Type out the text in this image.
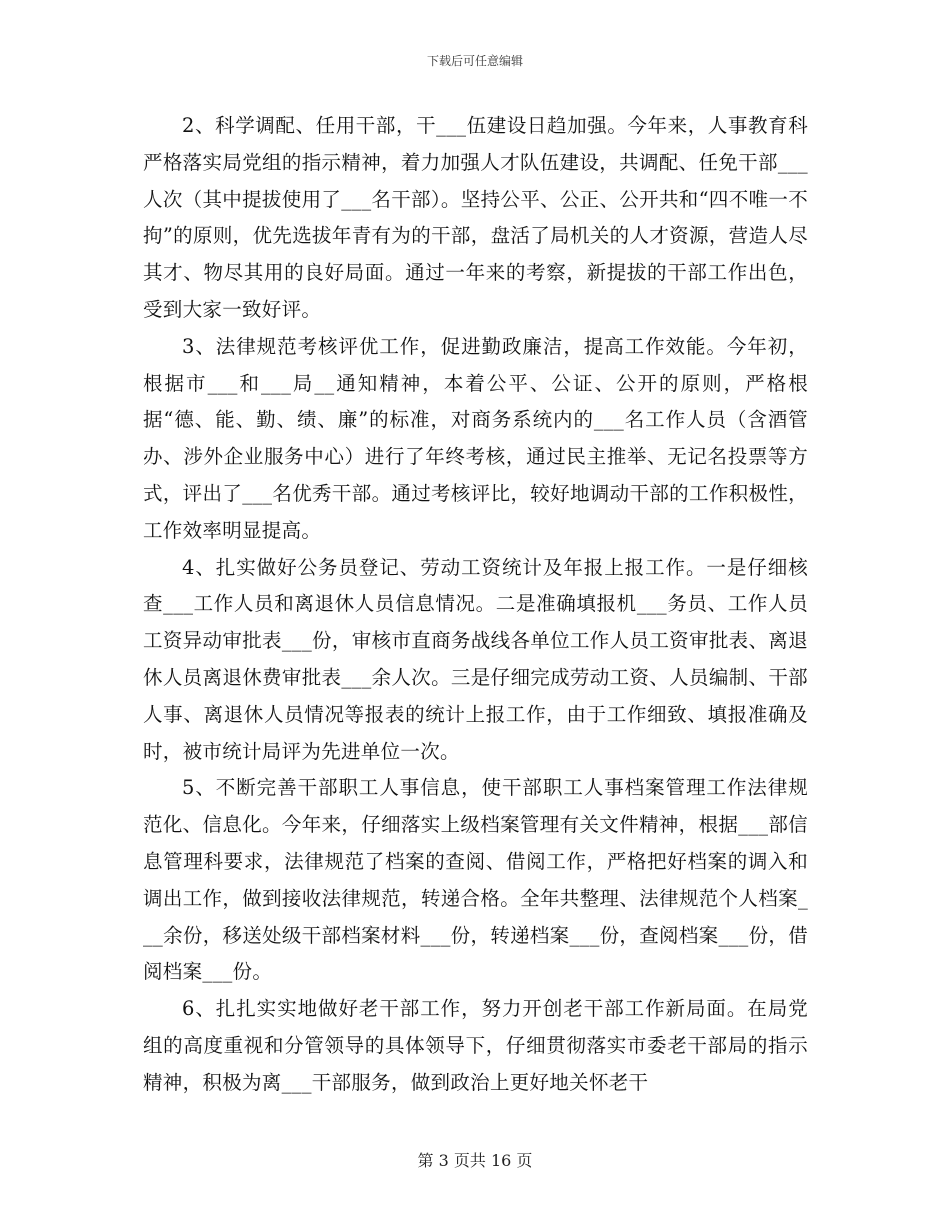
下载后可任意编辑

2、科学调配、任用干部，干___伍建设日趋加强。今年来，人事教育科严格落实局党组的指示精神，着力加强人才队伍建设，共调配、任免干部___人次（其中提拔使用了___名干部）。坚持公平、公正、公开共和“四不唯一不拘”的原则，优先选拔年青有为的干部，盘活了局机关的人才资源，营造人尽其才、物尽其用的良好局面。通过一年来的考察，新提拔的干部工作出色，受到大家一致好评。

3、法律规范考核评优工作，促进勤政廉洁，提高工作效能。今年初，根据市___和___局__通知精神，本着公平、公证、公开的原则，严格根据“德、能、勤、绩、廉”的标准，对商务系统内的___名工作人员（含酒管办、涉外企业服务中心）进行了年终考核，通过民主推举、无记名投票等方式，评出了___名优秀干部。通过考核评比，较好地调动干部的工作积极性，工作效率明显提高。

4、扎实做好公务员登记、劳动工资统计及年报上报工作。一是仔细核查___工作人员和离退休人员信息情况。二是准确填报机___务员、工作人员工资异动审批表___份，审核市直商务战线各单位工作人员工资审批表、离退休人员离退休费审批表___余人次。三是仔细完成劳动工资、人员编制、干部人事、离退休人员情况等报表的统计上报工作，由于工作细致、填报准确及时，被市统计局评为先进单位一次。

5、不断完善干部职工人事信息，使干部职工人事档案管理工作法律规范化、信息化。今年来，仔细落实上级档案管理有关文件精神，根据___部信息管理科要求，法律规范了档案的查阅、借阅工作，严格把好档案的调入和调出工作，做到接收法律规范，转递合格。全年共整理、法律规范个人档案___余份，移送处级干部档案材料___份，转递档案___份，查阅档案___份，借阅档案___份。

6、扎扎实实地做好老干部工作，努力开创老干部工作新局面。在局党组的高度重视和分管领导的具体领导下，仔细贯彻落实市委老干部局的指示精神，积极为离___干部服务，做到政治上更好地关怀老干

第 3 页共 16 页
